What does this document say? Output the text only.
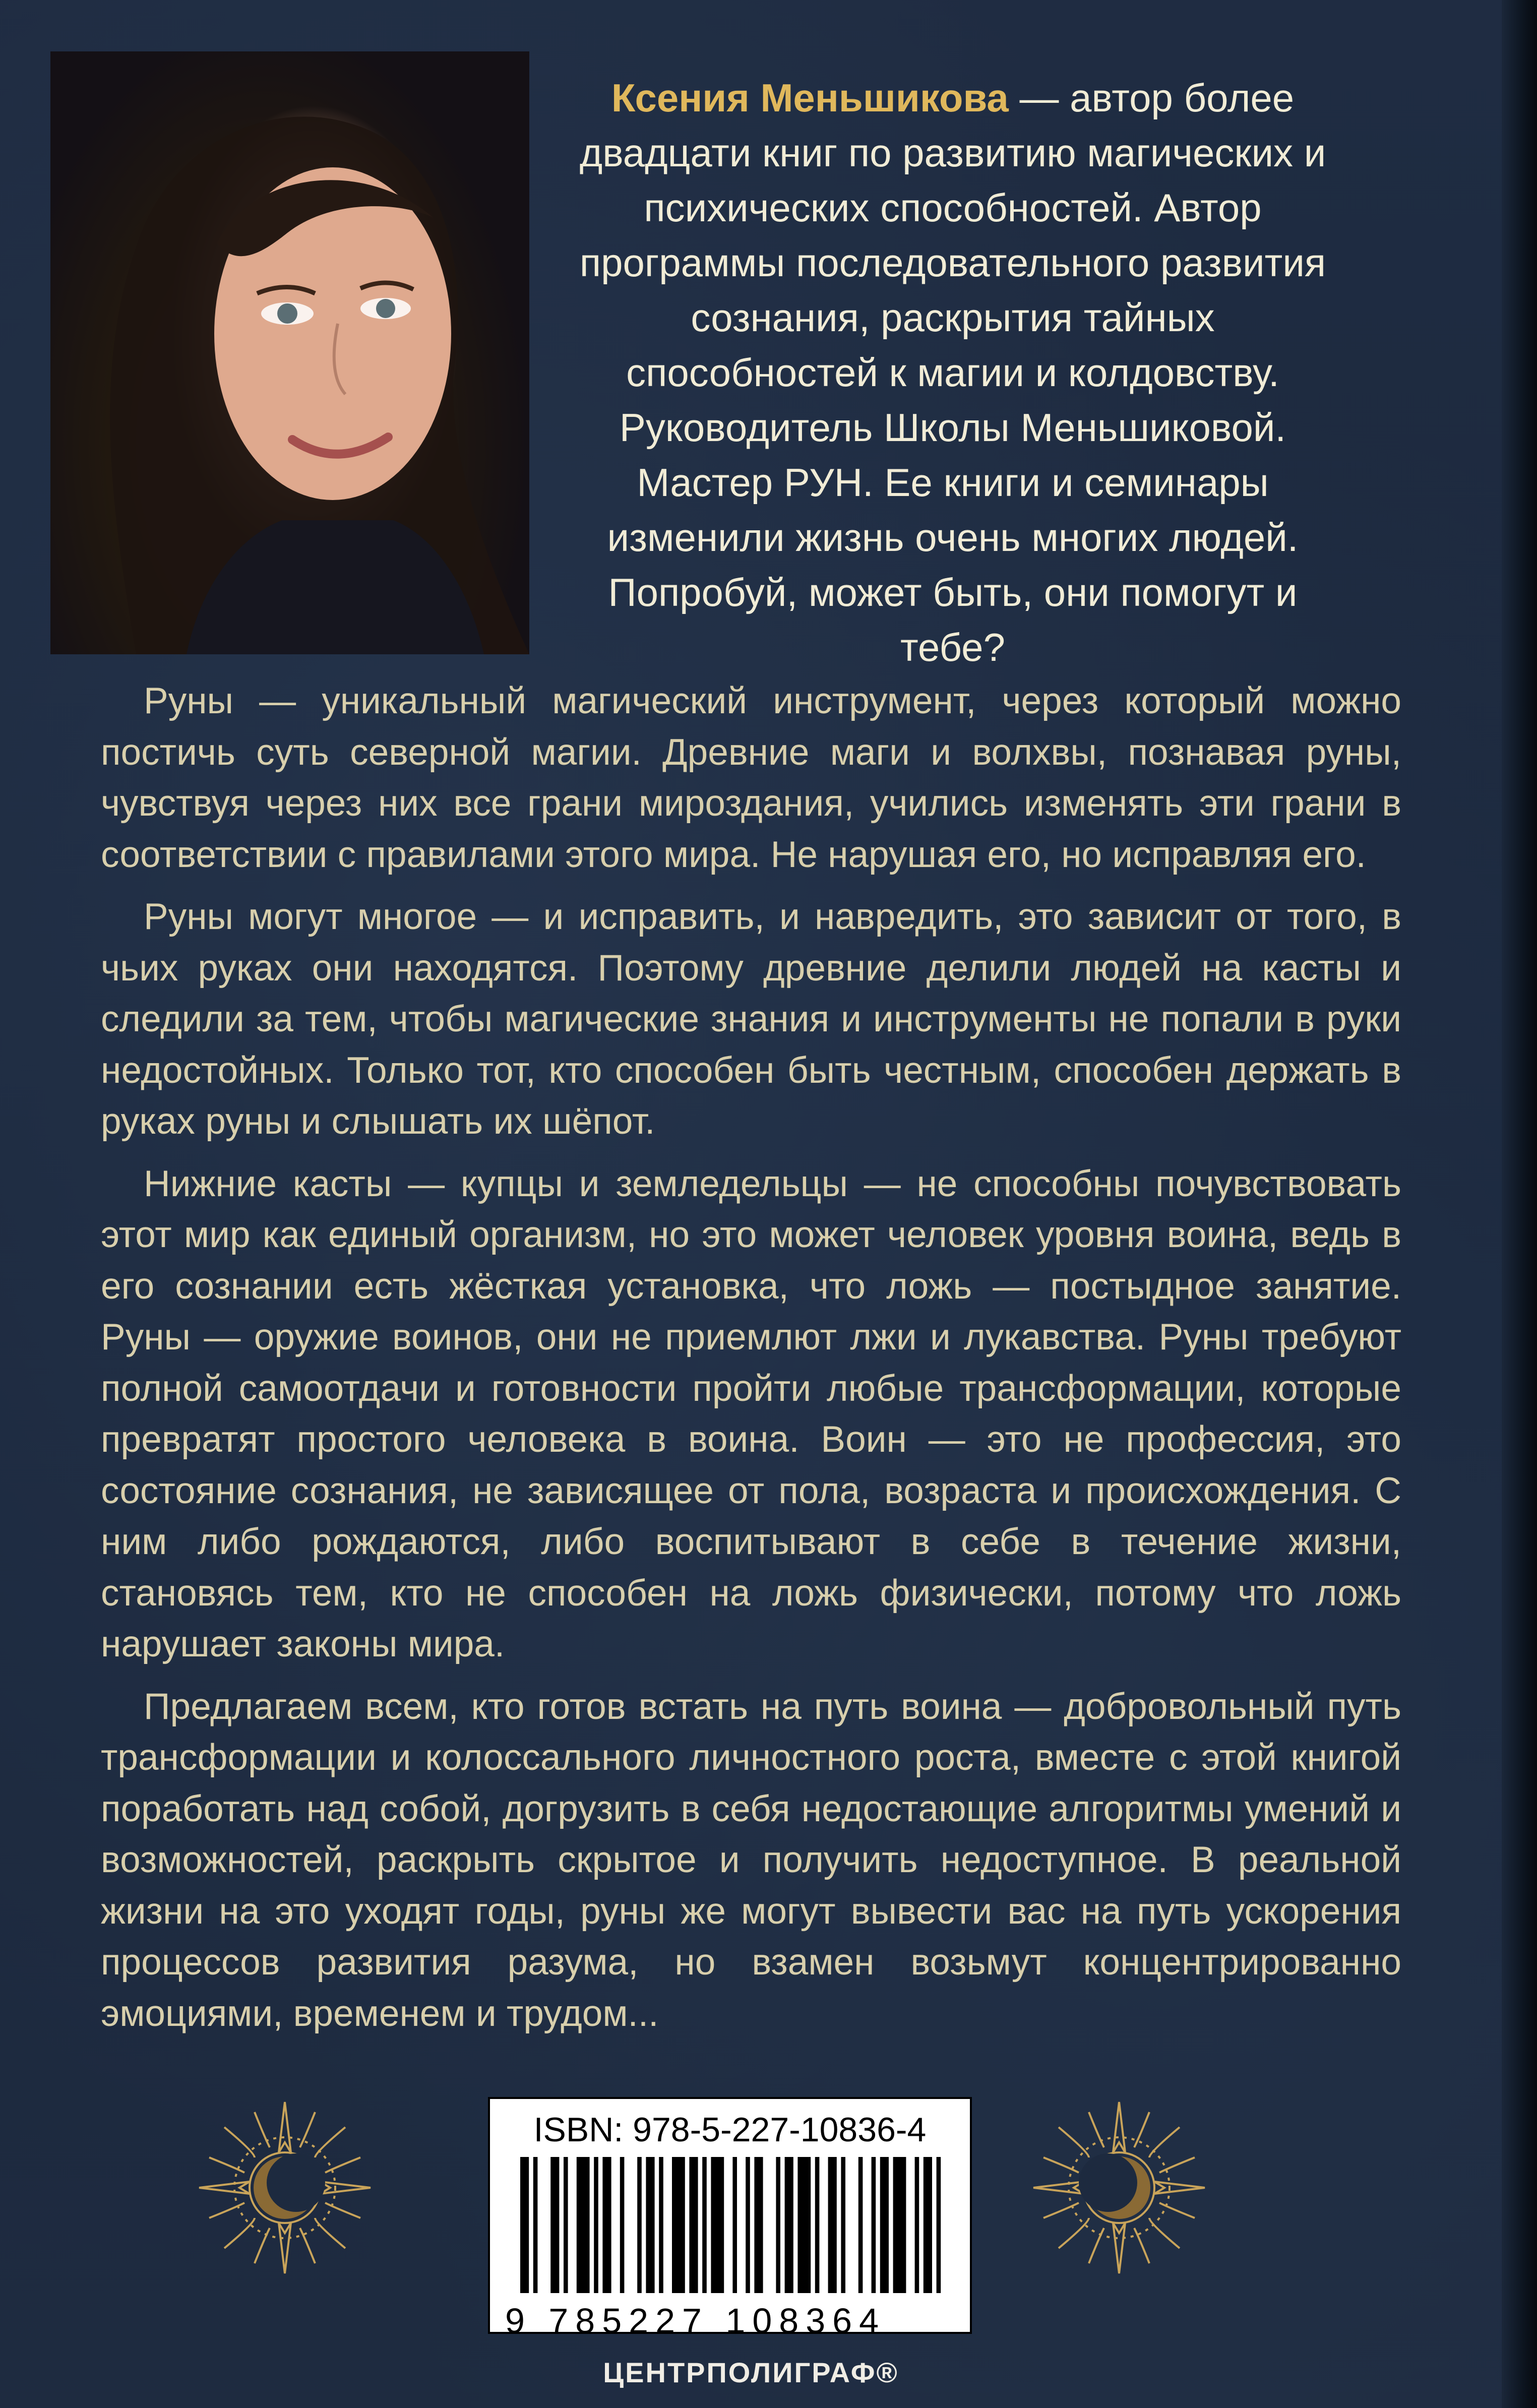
Ксения Меньшикова — автор более двадцати книг по развитию магических и психических способностей. Автор программы последовательного развития сознания, раскрытия тайных способностей к магии и колдовству. Руководитель Школы Меньшиковой. Мастер РУН. Ее книги и семинары изменили жизнь очень многих людей. Попробуй, может быть, они помогут и тебе?

Руны — уникальный магический инструмент, через который можно постичь суть северной магии. Древние маги и волхвы, познавая руны, чувствуя через них все грани мироздания, учились изменять эти грани в соответствии с правилами этого мира. Не нарушая его, но исправляя его.

Руны могут многое — и исправить, и навредить, это зависит от того, в чьих руках они находятся. Поэтому древние делили людей на касты и следили за тем, чтобы магические знания и инструменты не попали в руки недостойных. Только тот, кто способен быть честным, способен держать в руках руны и слышать их шёпот.

Нижние касты — купцы и земледельцы — не способны почувствовать этот мир как единый организм, но это может человек уровня воина, ведь в его сознании есть жёсткая установка, что ложь — постыдное занятие. Руны — оружие воинов, они не приемлют лжи и лукавства. Руны требуют полной самоотдачи и готовности пройти любые трансформации, которые превратят простого человека в воина. Воин — это не профессия, это состояние сознания, не зависящее от пола, возраста и происхождения. С ним либо рождаются, либо воспитывают в себе в течение жизни, становясь тем, кто не способен на ложь физически, потому что ложь нарушает законы мира.

Предлагаем всем, кто готов встать на путь воина — добровольный путь трансформации и колоссального личностного роста, вместе с этой книгой поработать над собой, догрузить в себя недостающие алгоритмы умений и возможностей, раскрыть скрытое и получить недоступное. В реальной жизни на это уходят годы, руны же могут вывести вас на путь ускорения процессов развития разума, но взамен возьмут концентрированно эмоциями, временем и трудом...

ISBN: 978-5-227-10836-4
9 785227 108364
ЦЕНТРПОЛИГРАФ®
